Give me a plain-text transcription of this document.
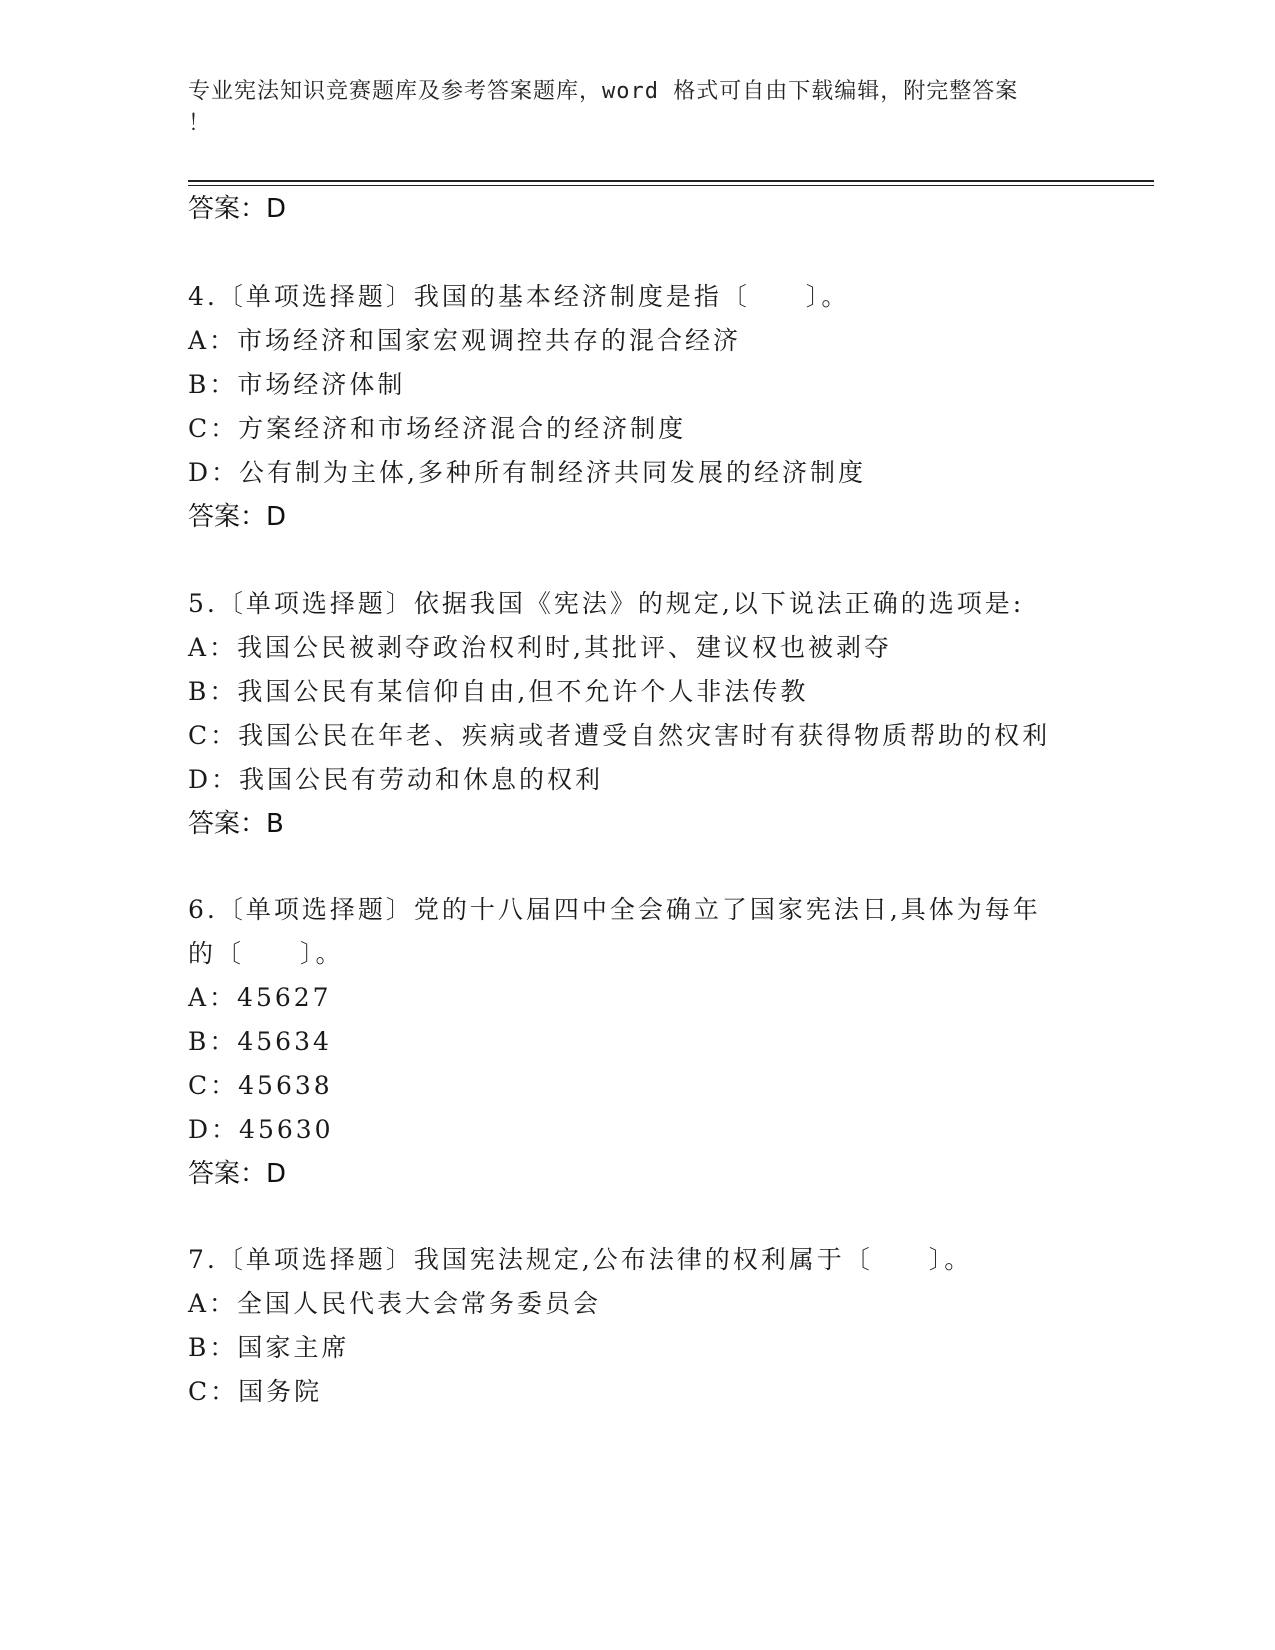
专业宪法知识竞赛题库及参考答案题库，word 格式可自由下载编辑，附完整答案
！
答案：D
4.〔单项选择题〕我国的基本经济制度是指〔　　〕。
A：市场经济和国家宏观调控共存的混合经济
B：市场经济体制
C：方案经济和市场经济混合的经济制度
D：公有制为主体,多种所有制经济共同发展的经济制度
答案：D
5.〔单项选择题〕依据我国《宪法》的规定,以下说法正确的选项是:
A：我国公民被剥夺政治权利时,其批评、建议权也被剥夺
B：我国公民有某信仰自由,但不允许个人非法传教
C：我国公民在年老、疾病或者遭受自然灾害时有获得物质帮助的权利
D：我国公民有劳动和休息的权利
答案：B
6.〔单项选择题〕党的十八届四中全会确立了国家宪法日,具体为每年
的〔　　〕。
A：45627
B：45634
C：45638
D：45630
答案：D
7.〔单项选择题〕我国宪法规定,公布法律的权利属于〔　　〕。
A：全国人民代表大会常务委员会
B：国家主席
C：国务院
